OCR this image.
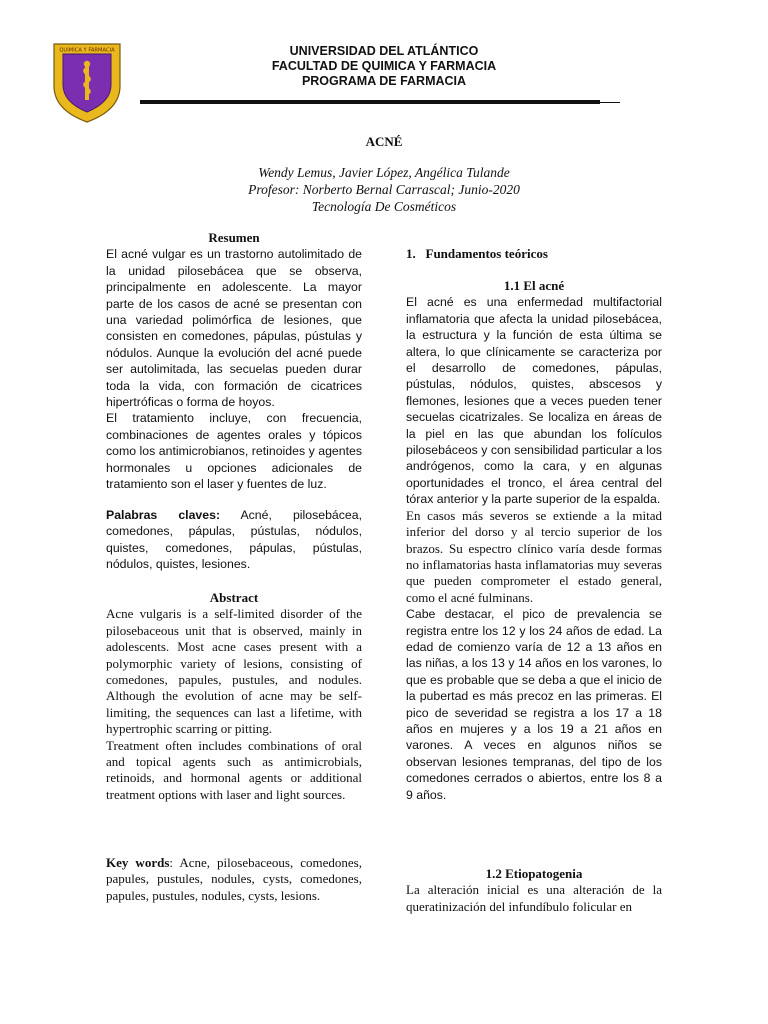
QUIMICA Y FARMACIA	UNIVERSIDAD DEL ATLÁNTICO
FACULTAD DE QUIMICA Y FARMACIA
PROGRAMA DE FARMACIA
ACNÉ
Wendy Lemus, Javier López, Angélica Tulande
Profesor: Norberto Bernal Carrascal; Junio-2020
Tecnología De Cosméticos
Resumen

El acné vulgar es un trastorno autolimitado de la unidad pilosebácea que se observa, principalmente en adolescente. La mayor parte de los casos de acné se presentan con una variedad polimórfica de lesiones, que consisten en comedones, pápulas, pústulas y nódulos. Aunque la evolución del acné puede ser autolimitada, las secuelas pueden durar toda la vida, con formación de cicatrices hipertróficas o forma de hoyos.

El tratamiento incluye, con frecuencia, combinaciones de agentes orales y tópicos como los antimicrobianos, retinoides y agentes hormonales u opciones adicionales de tratamiento son el laser y fuentes de luz.

Palabras claves: Acné, pilosebácea, comedones, pápulas, pústulas, nódulos, quistes, comedones, pápulas, pústulas, nódulos, quistes, lesiones.

Abstract

Acne vulgaris is a self-limited disorder of the pilosebaceous unit that is observed, mainly in adolescents. Most acne cases present with a polymorphic variety of lesions, consisting of comedones, papules, pustules, and nodules. Although the evolution of acne may be self-limiting, the sequences can last a lifetime, with hypertrophic scarring or pitting.

Treatment often includes combinations of oral and topical agents such as antimicrobials, retinoids, and hormonal agents or additional treatment options with laser and light sources.

Key words: Acne, pilosebaceous, comedones, papules, pustules, nodules, cysts, comedones, papules, pustules, nodules, cysts, lesions.

1.   Fundamentos teóricos

1.1 El acné

El acné es una enfermedad multifactorial inflamatoria que afecta la unidad pilosebácea, la estructura y la función de esta última se altera, lo que clínicamente se caracteriza por el desarrollo de comedones, pápulas, pústulas, nódulos, quistes, abscesos y flemones, lesiones que a veces pueden tener secuelas cicatrizales. Se localiza en áreas de la piel en las que abundan los folículos pilosebáceos y con sensibilidad particular a los andrógenos, como la cara, y en algunas oportunidades el tronco, el área central del tórax anterior y la parte superior de la espalda.

En casos más severos se extiende a la mitad inferior del dorso y al tercio superior de los brazos. Su espectro clínico varía desde formas no inflamatorias hasta inflamatorias muy severas que pueden comprometer el estado general, como el acné fulminans.

Cabe destacar, el pico de prevalencia se registra entre los 12 y los 24 años de edad. La edad de comienzo varía de 12 a 13 años en las niñas, a los 13 y 14 años en los varones, lo que es probable que se deba a que el inicio de la pubertad es más precoz en las primeras. El pico de severidad se registra a los 17 a 18 años en mujeres y a los 19 a 21 años en varones. A veces en algunos niños se observan lesiones tempranas, del tipo de los comedones cerrados o abiertos, entre los 8 a 9 años.

1.2 Etiopatogenia

La alteración inicial es una alteración de la queratinización del infundíbulo folicular en
